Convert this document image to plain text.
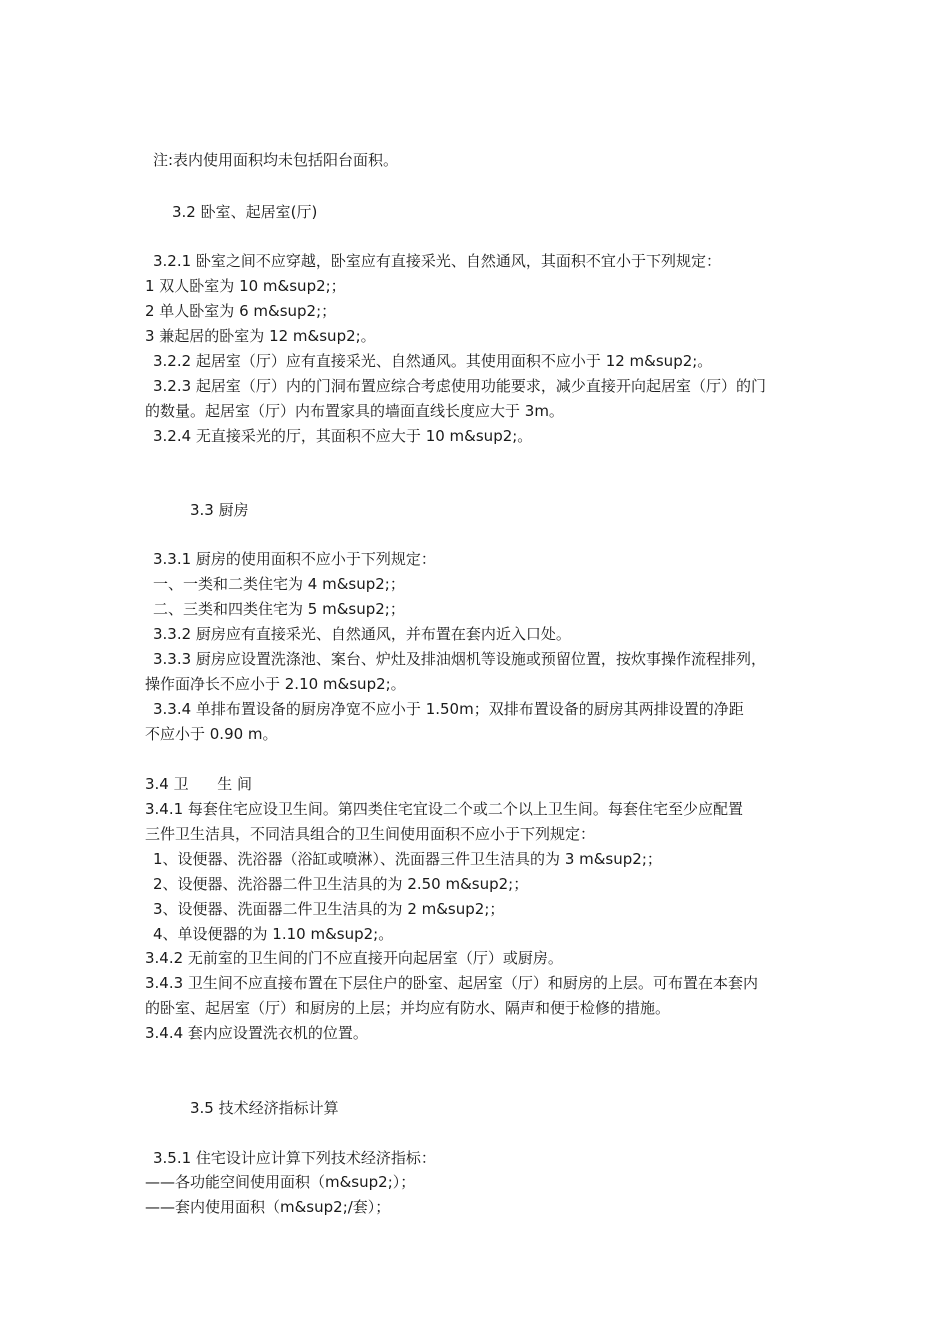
注:表内使用面积均未包括阳台面积。
3.2 卧室、起居室(厅)
3.2.1 卧室之间不应穿越，卧室应有直接采光、自然通风，其面积不宜小于下列规定：
1 双人卧室为 10 m&sup2;；
2 单人卧室为 6 m&sup2;；
3 兼起居的卧室为 12 m&sup2;。
3.2.2 起居室（厅）应有直接采光、自然通风。其使用面积不应小于 12 m&sup2;。
3.2.3 起居室（厅）内的门洞布置应综合考虑使用功能要求，减少直接开向起居室（厅）的门
的数量。起居室（厅）内布置家具的墙面直线长度应大于 3m。
3.2.4 无直接采光的厅，其面积不应大于 10 m&sup2;。
3.3 厨房
3.3.1 厨房的使用面积不应小于下列规定：
一、一类和二类住宅为 4 m&sup2;；
二、三类和四类住宅为 5 m&sup2;；
3.3.2 厨房应有直接采光、自然通风，并布置在套内近入口处。
3.3.3 厨房应设置洗涤池、案台、炉灶及排油烟机等设施或预留位置，按炊事操作流程排列，
操作面净长不应小于 2.10 m&sup2;。
3.3.4 单排布置设备的厨房净宽不应小于 1.50m；双排布置设备的厨房其两排设置的净距
不应小于 0.90 m。
3.4 卫      生 间
3.4.1 每套住宅应设卫生间。第四类住宅宜设二个或二个以上卫生间。每套住宅至少应配置
三件卫生洁具，不同洁具组合的卫生间使用面积不应小于下列规定：
1、设便器、洗浴器（浴缸或喷淋）、洗面器三件卫生洁具的为 3 m&sup2;；
2、设便器、洗浴器二件卫生洁具的为 2.50 m&sup2;；
3、设便器、洗面器二件卫生洁具的为 2 m&sup2;；
4、单设便器的为 1.10 m&sup2;。
3.4.2 无前室的卫生间的门不应直接开向起居室（厅）或厨房。
3.4.3 卫生间不应直接布置在下层住户的卧室、起居室（厅）和厨房的上层。可布置在本套内
的卧室、起居室（厅）和厨房的上层；并均应有防水、隔声和便于检修的措施。
3.4.4 套内应设置洗衣机的位置。
3.5 技术经济指标计算
3.5.1 住宅设计应计算下列技术经济指标：
——各功能空间使用面积（m&sup2;）；
——套内使用面积（m&sup2;/套）；
